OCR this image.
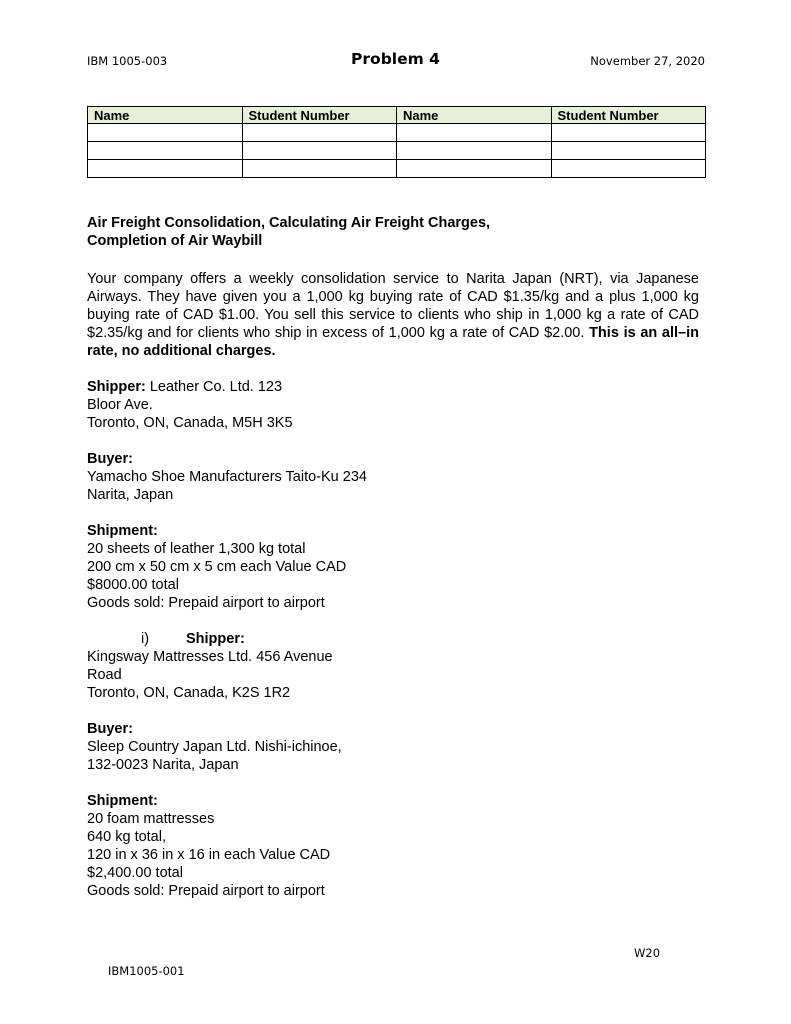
IBM 1005-003	Problem 4	November 27, 2020
Name	Student Number	Name	Student Number

Air Freight Consolidation, Calculating Air Freight Charges,

Completion of Air Waybill

Your company offers a weekly consolidation service to Narita Japan (NRT), via Japanese Airways. They have given you a 1,000 kg buying rate of CAD $1.35/kg and a plus 1,000 kg buying rate of CAD $1.00. You sell this service to clients who ship in 1,000 kg a rate of CAD $2.35/kg and for clients who ship in excess of 1,000 kg a rate of CAD $2.00. This is an all–in rate, no additional charges.

Shipper: Leather Co. Ltd. 123

Bloor Ave.

Toronto, ON, Canada, M5H 3K5

Buyer:

Yamacho Shoe Manufacturers Taito-Ku 234

Narita, Japan

Shipment:

20 sheets of leather 1,300 kg total

200 cm x 50 cm x 5 cm each Value CAD

$8000.00 total

Goods sold: Prepaid airport to airport

i)	Shipper:

Kingsway Mattresses Ltd. 456 Avenue

Road

Toronto, ON, Canada, K2S 1R2

Buyer:

Sleep Country Japan Ltd. Nishi-ichinoe,

132-0023 Narita, Japan

Shipment:

20 foam mattresses

640 kg total,

120 in x 36 in x 16 in each Value CAD

$2,400.00 total

Goods sold: Prepaid airport to airport

W20
IBM1005-001
